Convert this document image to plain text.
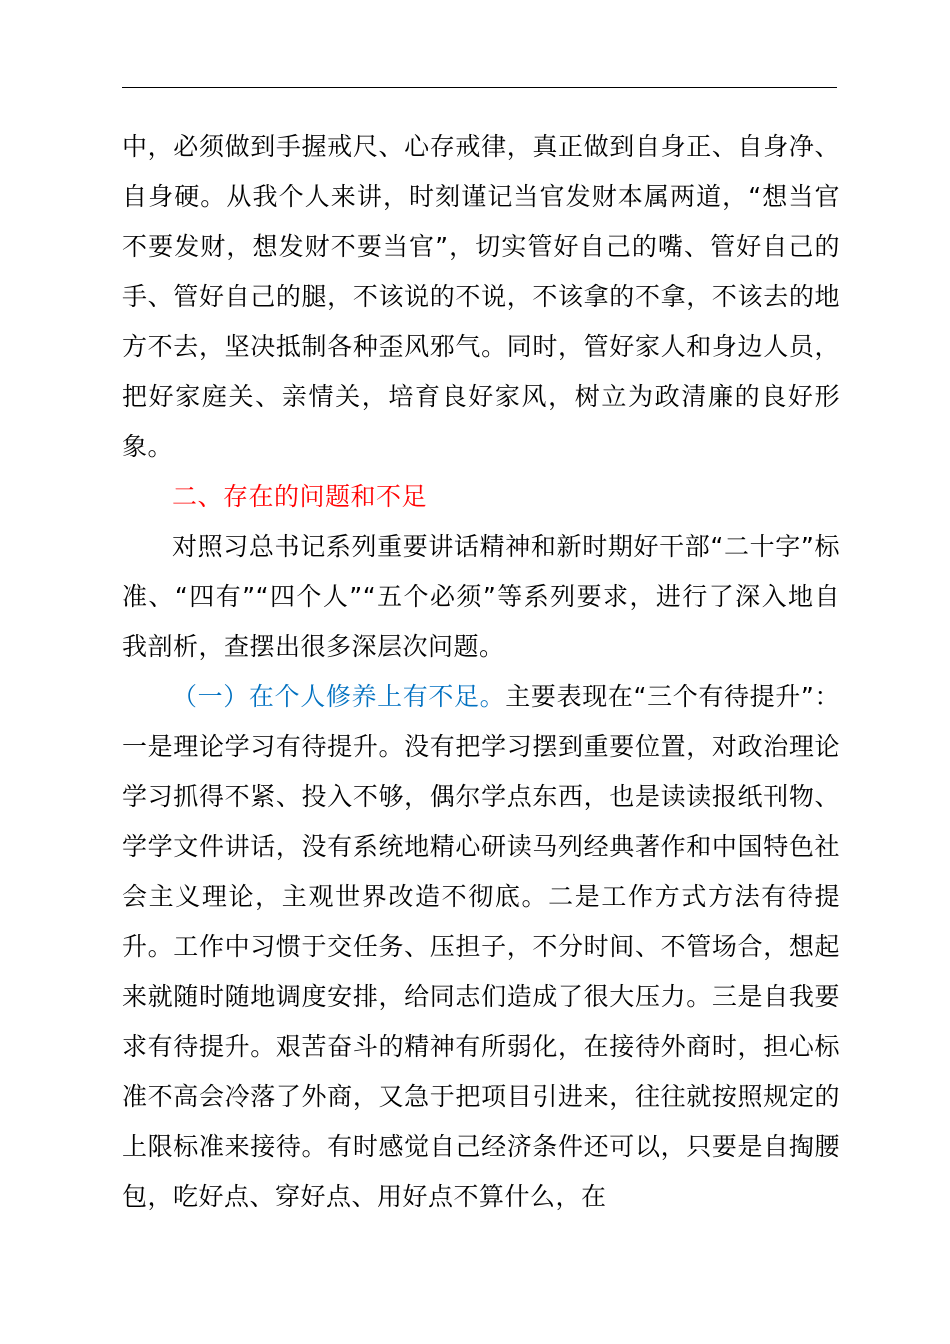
中，必须做到手握戒尺、心存戒律，真正做到自身正、自身净、自身硬。从我个人来讲，时刻谨记当官发财本属两道，“想当官不要发财，想发财不要当官”，切实管好自己的嘴、管好自己的手、管好自己的腿，不该说的不说，不该拿的不拿，不该去的地方不去，坚决抵制各种歪风邪气。同时，管好家人和身边人员，把好家庭关、亲情关，培育良好家风，树立为政清廉的良好形象。

二、存在的问题和不足

对照习总书记系列重要讲话精神和新时期好干部“二十字”标准、“四有”“四个人”“五个必须”等系列要求，进行了深入地自我剖析，查摆出很多深层次问题。

（一）在个人修养上有不足。主要表现在“三个有待提升”：一是理论学习有待提升。没有把学习摆到重要位置，对政治理论学习抓得不紧、投入不够，偶尔学点东西，也是读读报纸刊物、学学文件讲话，没有系统地精心研读马列经典著作和中国特色社会主义理论，主观世界改造不彻底。二是工作方式方法有待提升。工作中习惯于交任务、压担子，不分时间、不管场合，想起来就随时随地调度安排，给同志们造成了很大压力。三是自我要求有待提升。艰苦奋斗的精神有所弱化，在接待外商时，担心标准不高会冷落了外商，又急于把项目引进来，往往就按照规定的上限标准来接待。有时感觉自己经济条件还可以，只要是自掏腰包，吃好点、穿好点、用好点不算什么，在
